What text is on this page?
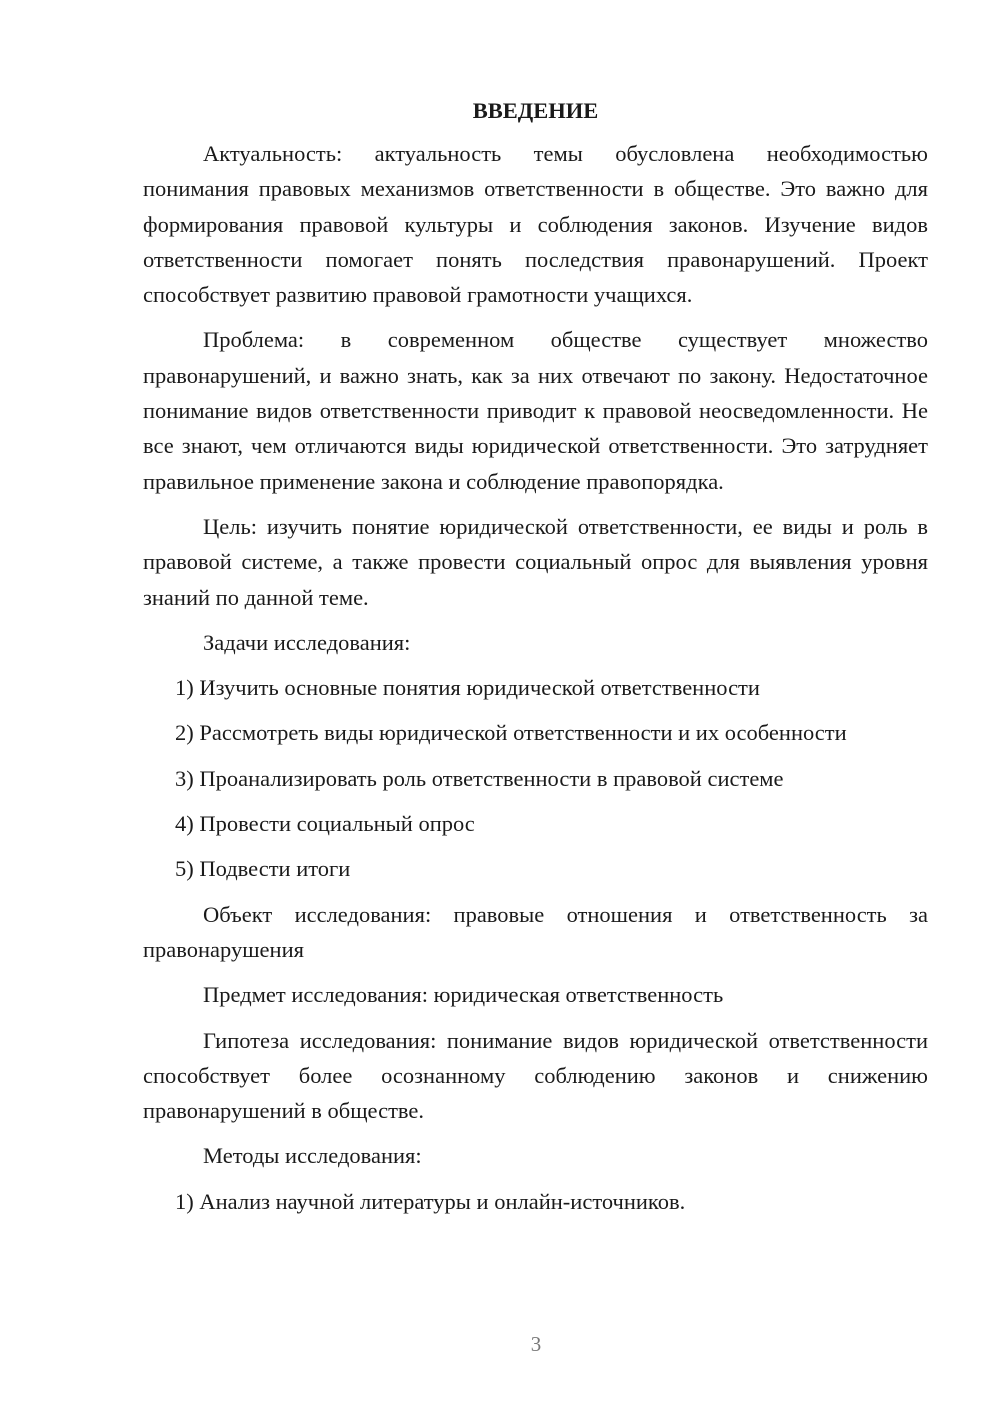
ВВЕДЕНИЕ

Актуальность: актуальность темы обусловлена необходимостью понимания правовых механизмов ответственности в обществе. Это важно для формирования правовой культуры и соблюдения законов. Изучение видов ответственности помогает понять последствия правонарушений. Проект способствует развитию правовой грамотности учащихся.

Проблема: в современном обществе существует множество правонарушений, и важно знать, как за них отвечают по закону. Недостаточное понимание видов ответственности приводит к правовой неосведомленности. Не все знают, чем отличаются виды юридической ответственности. Это затрудняет правильное применение закона и соблюдение правопорядка.

Цель: изучить понятие юридической ответственности, ее виды и роль в правовой системе, а также провести социальный опрос для выявления уровня знаний по данной теме.

Задачи исследования:

1) Изучить основные понятия юридической ответственности
2) Рассмотреть виды юридической ответственности и их особенности
3) Проанализировать роль ответственности в правовой системе
4) Провести социальный опрос
5) Подвести итоги

Объект исследования: правовые отношения и ответственность за правонарушения

Предмет исследования: юридическая ответственность

Гипотеза исследования: понимание видов юридической ответственности способствует более осознанному соблюдению законов и снижению правонарушений в обществе.

Методы исследования:

1) Анализ научной литературы и онлайн-источников.
3
